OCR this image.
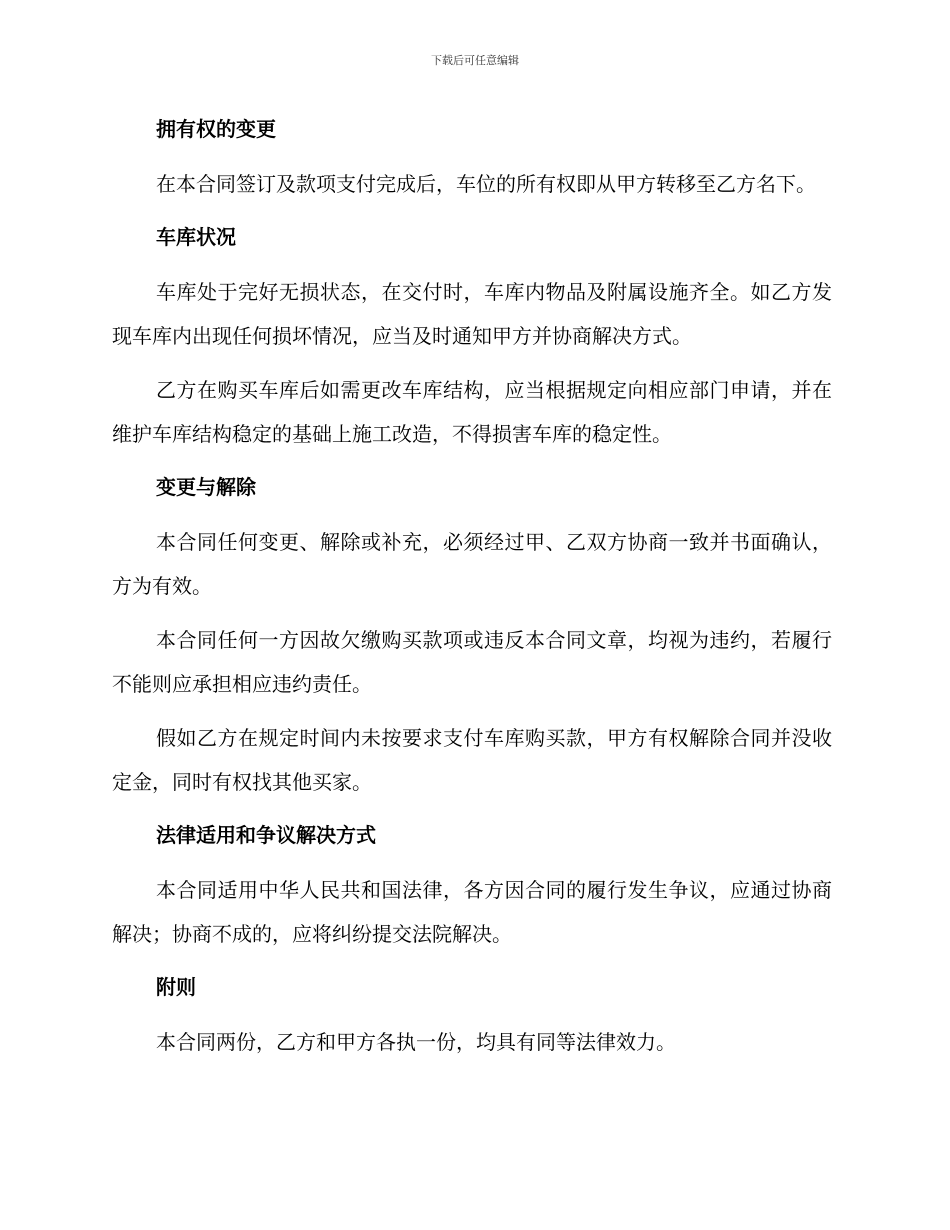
下载后可任意编辑
拥有权的变更

在本合同签订及款项支付完成后，车位的所有权即从甲方转移至乙方名下。

车库状况

车库处于完好无损状态，在交付时，车库内物品及附属设施齐全。如乙方发现车库内出现任何损坏情况，应当及时通知甲方并协商解决方式。

乙方在购买车库后如需更改车库结构，应当根据规定向相应部门申请，并在维护车库结构稳定的基础上施工改造，不得损害车库的稳定性。

变更与解除

本合同任何变更、解除或补充，必须经过甲、乙双方协商一致并书面确认，方为有效。

本合同任何一方因故欠缴购买款项或违反本合同文章，均视为违约，若履行不能则应承担相应违约责任。

假如乙方在规定时间内未按要求支付车库购买款，甲方有权解除合同并没收定金，同时有权找其他买家。

法律适用和争议解决方式

本合同适用中华人民共和国法律，各方因合同的履行发生争议，应通过协商解决；协商不成的，应将纠纷提交法院解决。

附则

本合同两份，乙方和甲方各执一份，均具有同等法律效力。
